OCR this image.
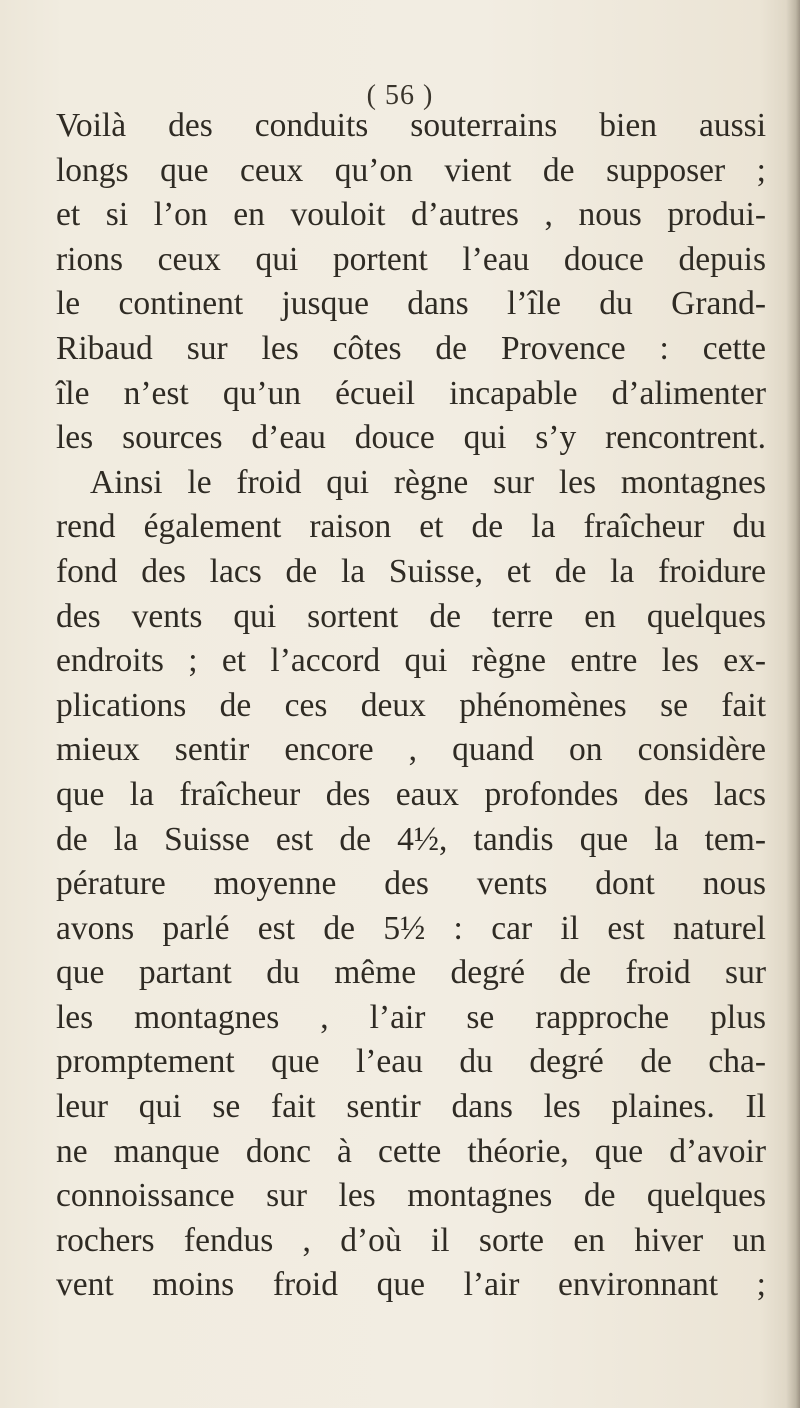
( 56 )
Voilà des conduits souterrains bien aussi
longs que ceux qu’on vient de supposer ;
et si l’on en vouloit d’autres , nous produi-
rions ceux qui portent l’eau douce depuis
le continent jusque dans l’île du Grand-
Ribaud sur les côtes de Provence : cette
île n’est qu’un écueil incapable d’alimenter
les sources d’eau douce qui s’y rencontrent.
Ainsi le froid qui règne sur les montagnes
rend également raison et de la fraîcheur du
fond des lacs de la Suisse, et de la froidure
des vents qui sortent de terre en quelques
endroits ; et l’accord qui règne entre les ex-
plications de ces deux phénomènes se fait
mieux sentir encore , quand on considère
que la fraîcheur des eaux profondes des lacs
de la Suisse est de 4½, tandis que la tem-
pérature moyenne des vents dont nous
avons parlé est de 5½ : car il est naturel
que partant du même degré de froid sur
les montagnes , l’air se rapproche plus
promptement que l’eau du degré de cha-
leur qui se fait sentir dans les plaines. Il
ne manque donc à cette théorie, que d’avoir
connoissance sur les montagnes de quelques
rochers fendus , d’où il sorte en hiver un
vent moins froid que l’air environnant ;
